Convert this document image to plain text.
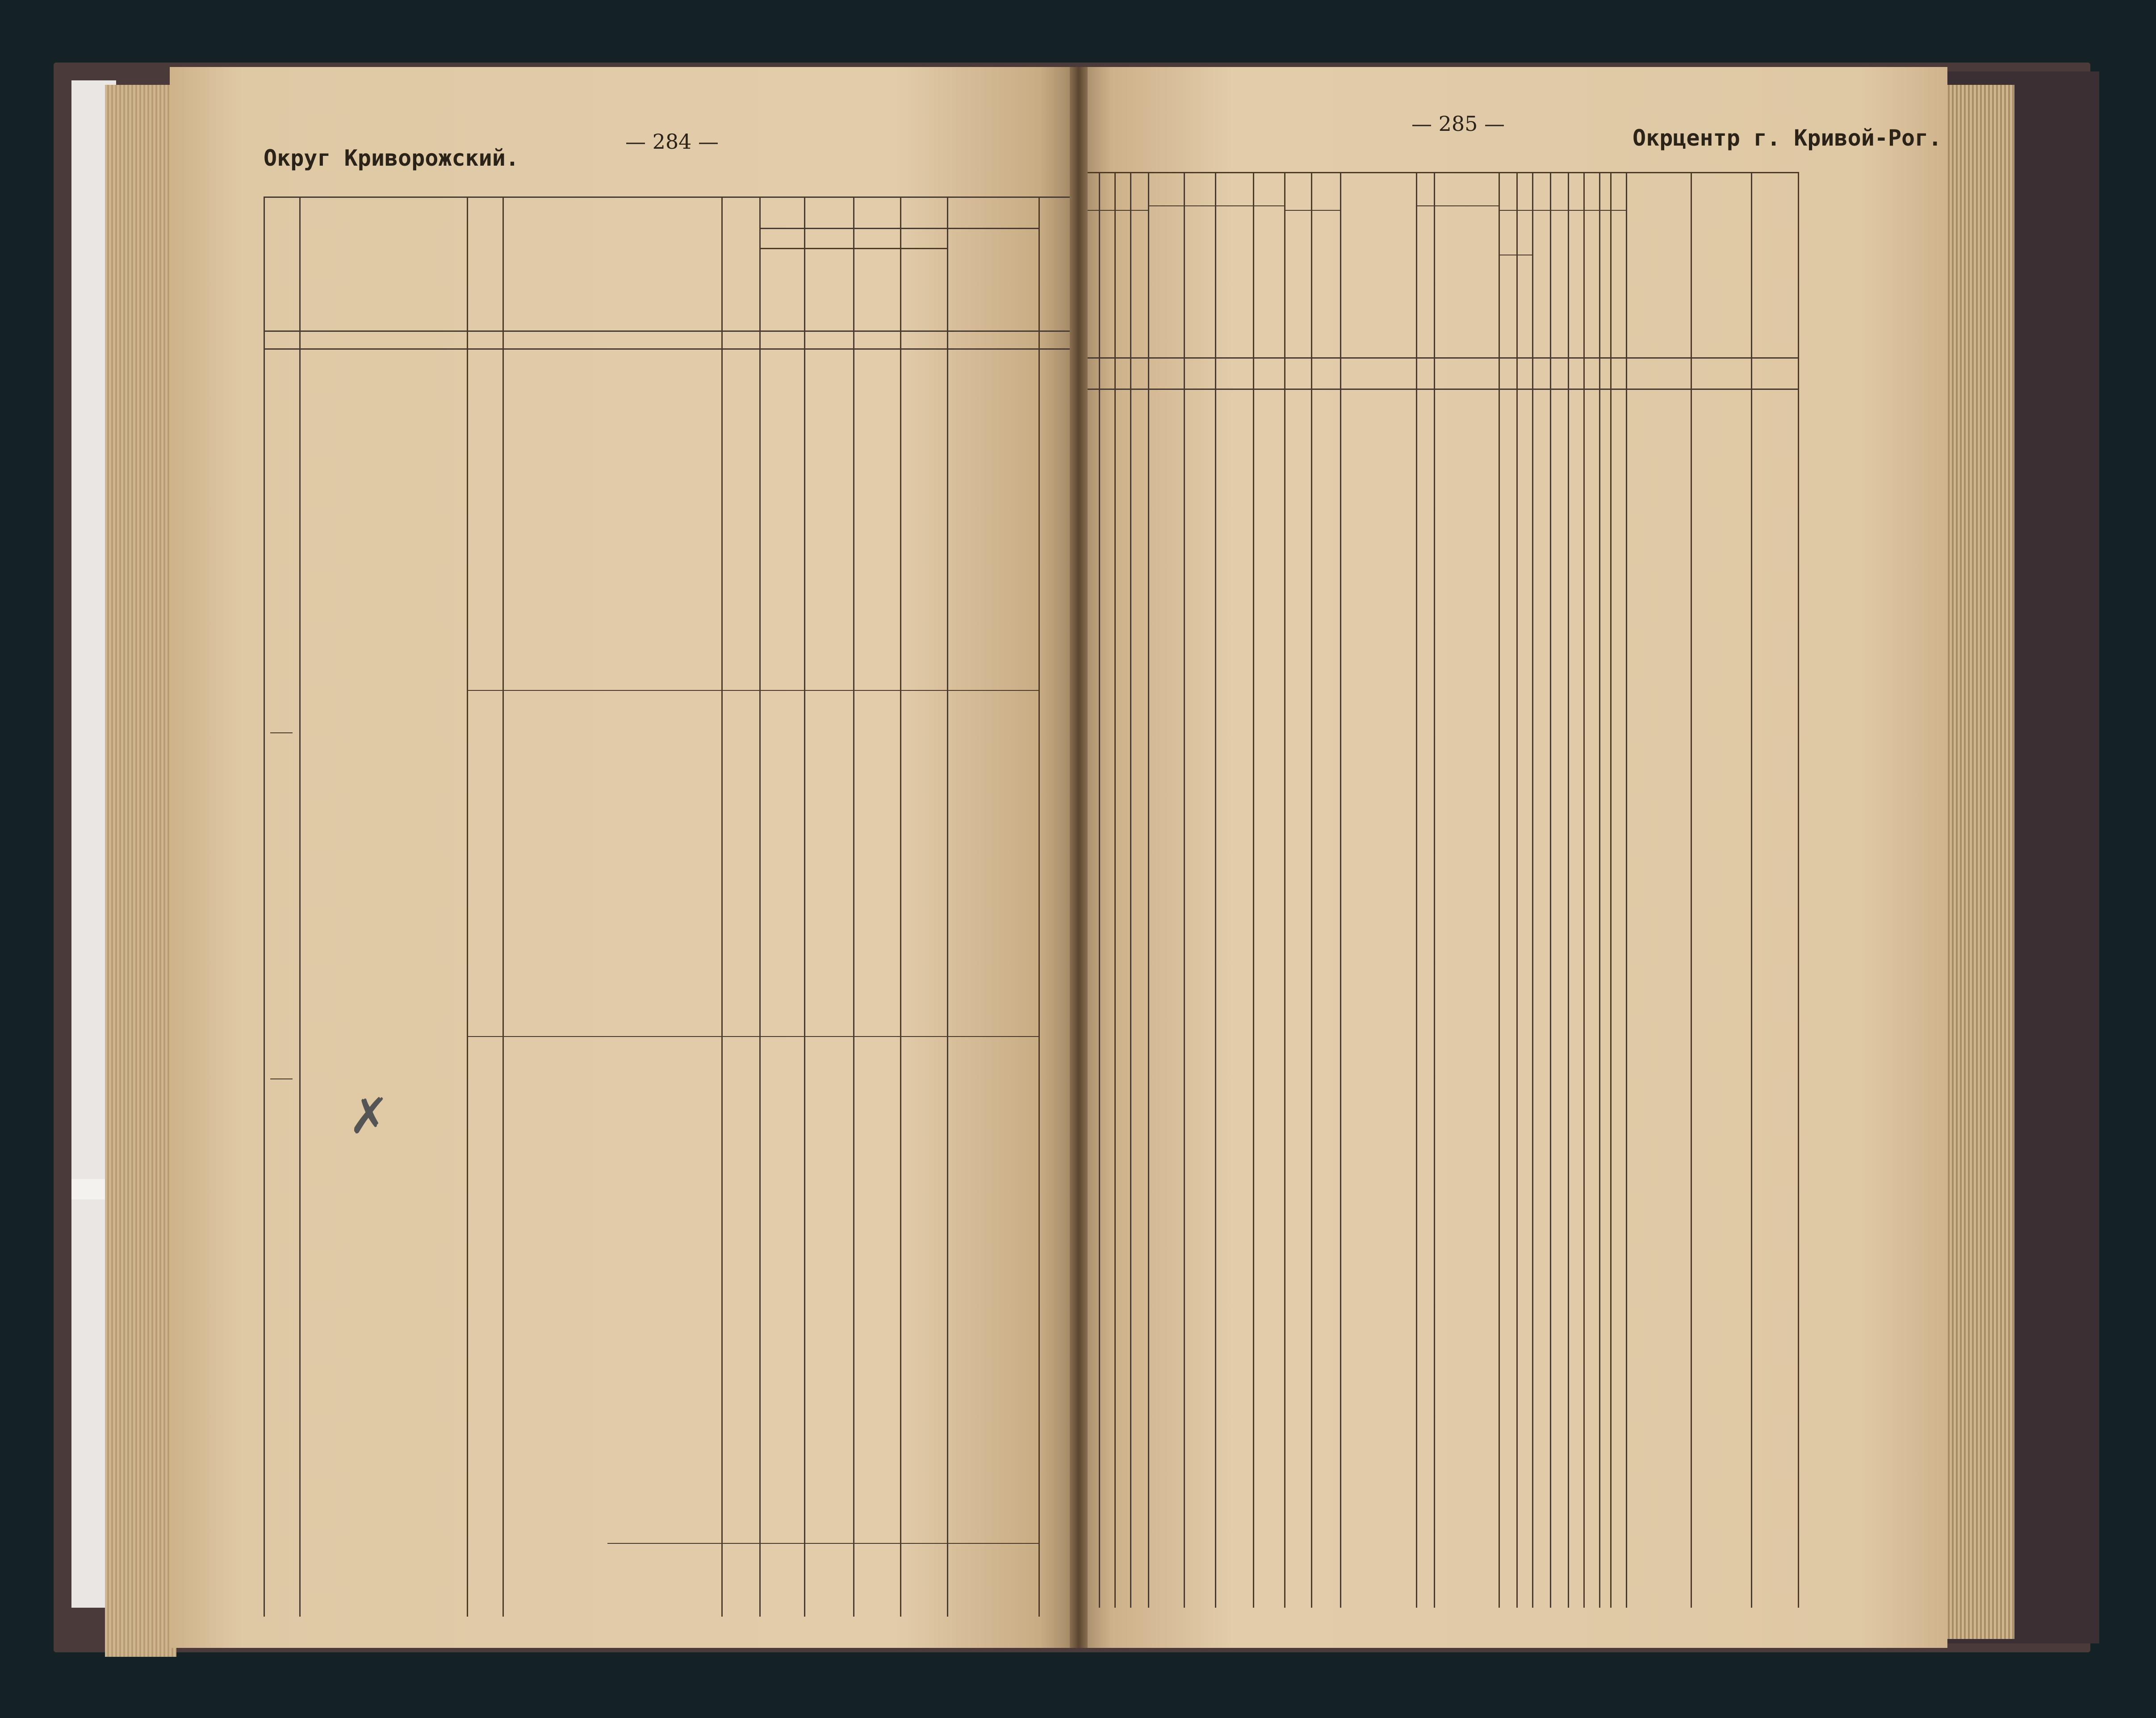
Округ Криворожский.
— 284 —
— 285 —
Окрцентр г. Кривой-Рог.
✗
